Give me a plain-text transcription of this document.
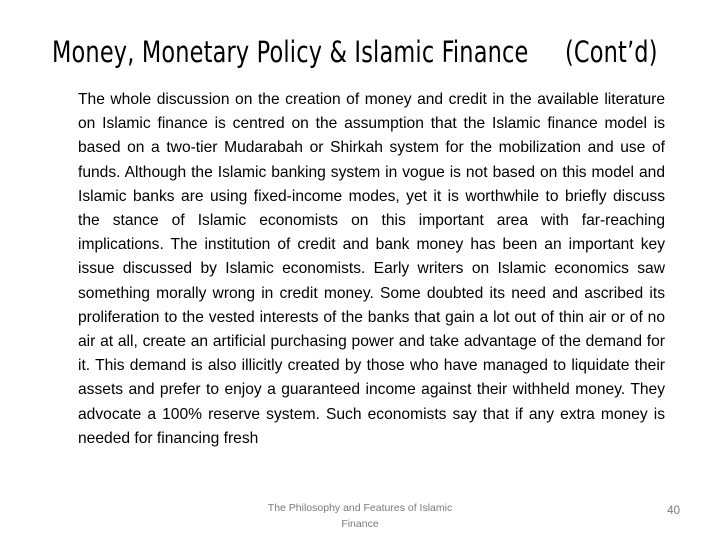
Money, Monetary Policy & Islamic Finance     (Cont’d)

The whole discussion on the creation of money and credit in the available literature on Islamic finance is centred on the assumption that the Islamic finance model is based on a two-tier Mudarabah or Shirkah system for the mobilization and use of funds. Although the Islamic banking system in vogue is not based on this model and Islamic banks are using fixed-income modes, yet it is worthwhile to briefly discuss the stance of Islamic economists on this important area with far-reaching implications. The institution of credit and bank money has been an important key issue discussed by Islamic economists. Early writers on Islamic economics saw something morally wrong in credit money. Some doubted its need and ascribed its proliferation to the vested interests of the banks that gain a lot out of thin air or of no air at all, create an artificial purchasing power and take advantage of the demand for it. This demand is also illicitly created by those who have managed to liquidate their assets and prefer to enjoy a guaranteed income against their withheld money. They advocate a 100% reserve system. Such economists say that if any extra money is needed for financing fresh

The Philosophy and Features of Islamic Finance
40
